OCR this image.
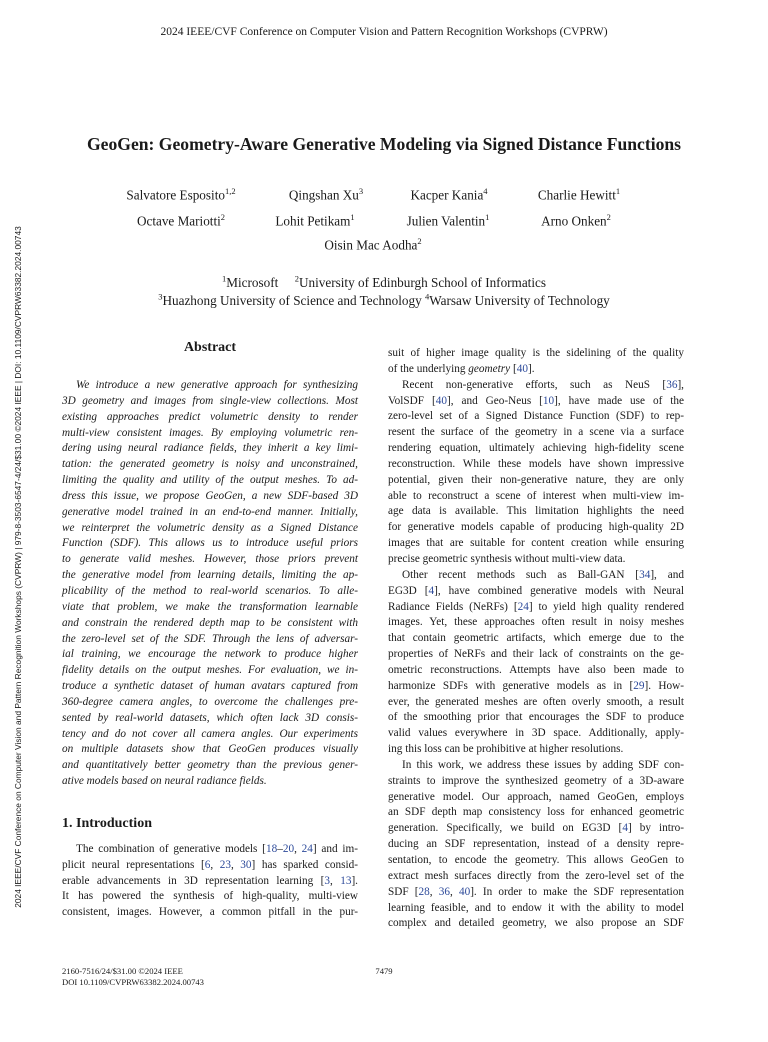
2024 IEEE/CVF Conference on Computer Vision and Pattern Recognition Workshops (CVPRW)
2024 IEEE/CVF Conference on Computer Vision and Pattern Recognition Workshops (CVPRW) | 979-8-3503-6547-4/24/$31.00 ©2024 IEEE | DOI: 10.1109/CVPRW63382.2024.00743
GeoGen: Geometry-Aware Generative Modeling via Signed Distance Functions
Salvatore Esposito$^{1,2}$	Qingshan Xu$^3$	Kacper Kania$^4$	Charlie Hewitt$^1$
Octave Mariotti$^2$	Lohit Petikam$^1$	Julien Valentin$^1$	Arno Onken$^2$
Oisin Mac Aodha$^2$
$^1$Microsoft $^2$University of Edinburgh School of Informatics
$^3$Huazhong University of Science and Technology $^4$Warsaw University of Technology
Abstract
We introduce a new generative approach for synthesizing
3D geometry and images from single-view collections. Most
existing approaches predict volumetric density to render
multi-view consistent images. By employing volumetric ren-
dering using neural radiance fields, they inherit a key limi-
tation: the generated geometry is noisy and unconstrained,
limiting the quality and utility of the output meshes. To ad-
dress this issue, we propose GeoGen, a new SDF-based 3D
generative model trained in an end-to-end manner. Initially,
we reinterpret the volumetric density as a Signed Distance
Function (SDF). This allows us to introduce useful priors
to generate valid meshes. However, those priors prevent
the generative model from learning details, limiting the ap-
plicability of the method to real-world scenarios. To alle-
viate that problem, we make the transformation learnable
and constrain the rendered depth map to be consistent with
the zero-level set of the SDF. Through the lens of adversar-
ial training, we encourage the network to produce higher
fidelity details on the output meshes. For evaluation, we in-
troduce a synthetic dataset of human avatars captured from
360-degree camera angles, to overcome the challenges pre-
sented by real-world datasets, which often lack 3D consis-
tency and do not cover all camera angles. Our experiments
on multiple datasets show that GeoGen produces visually
and quantitatively better geometry than the previous gener-
ative models based on neural radiance fields.
1. Introduction
The combination of generative models [18–20, 24] and im-
plicit neural representations [6, 23, 30] has sparked consid-
erable advancements in 3D representation learning [3, 13].
It has powered the synthesis of high-quality, multi-view
consistent, images. However, a common pitfall in the pur-
suit of higher image quality is the sidelining of the quality
of the underlying geometry [40].
Recent non-generative efforts, such as NeuS [36],
VolSDF [40], and Geo-Neus [10], have made use of the
zero-level set of a Signed Distance Function (SDF) to rep-
resent the surface of the geometry in a scene via a surface
rendering equation, ultimately achieving high-fidelity scene
reconstruction. While these models have shown impressive
potential, given their non-generative nature, they are only
able to reconstruct a scene of interest when multi-view im-
age data is available. This limitation highlights the need
for generative models capable of producing high-quality 2D
images that are suitable for content creation while ensuring
precise geometric synthesis without multi-view data.
Other recent methods such as Ball-GAN [34], and
EG3D [4], have combined generative models with Neural
Radiance Fields (NeRFs) [24] to yield high quality rendered
images. Yet, these approaches often result in noisy meshes
that contain geometric artifacts, which emerge due to the
properties of NeRFs and their lack of constraints on the ge-
ometric reconstructions. Attempts have also been made to
harmonize SDFs with generative models as in [29]. How-
ever, the generated meshes are often overly smooth, a result
of the smoothing prior that encourages the SDF to produce
valid values everywhere in 3D space. Additionally, apply-
ing this loss can be prohibitive at higher resolutions.
In this work, we address these issues by adding SDF con-
straints to improve the synthesized geometry of a 3D-aware
generative model. Our approach, named GeoGen, employs
an SDF depth map consistency loss for enhanced geometric
generation. Specifically, we build on EG3D [4] by intro-
ducing an SDF representation, instead of a density repre-
sentation, to encode the geometry. This allows GeoGen to
extract mesh surfaces directly from the zero-level set of the
SDF [28, 36, 40]. In order to make the SDF representation
learning feasible, and to endow it with the ability to model
complex and detailed geometry, we also propose an SDF
2160-7516/24/$31.00 ©2024 IEEE
DOI 10.1109/CVPRW63382.2024.00743
7479
